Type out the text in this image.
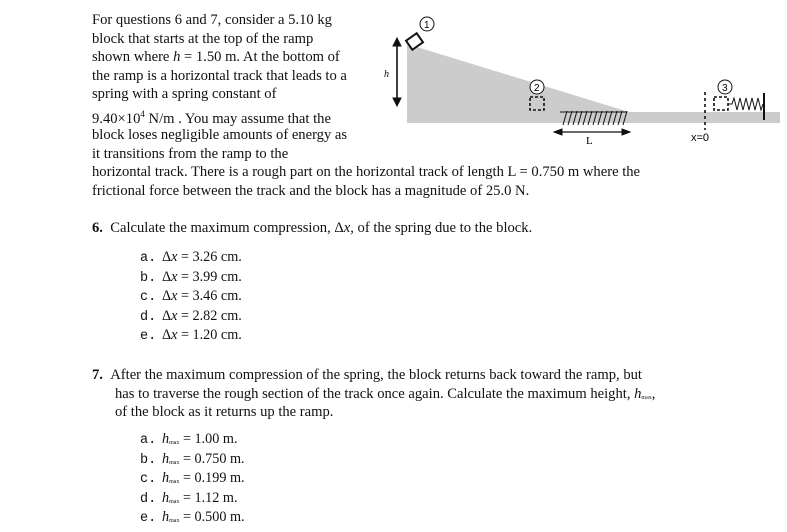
For questions 6 and 7, consider a 5.10 kg
block that starts at the top of the ramp
shown where h = 1.50 m. At the bottom of
the ramp is a horizontal track that leads to a
spring with a spring constant of
$9.40\times 10^4$ N/m . You may assume that the
block loses negligible amounts of energy as
it transitions from the ramp to the
horizontal track. There is a rough part on the horizontal track of length L = 0.750 m where the
frictional force between the track and the block has a magnitude of 25.0 N.
L
h
1
2
x=0
3
6. Calculate the maximum compression, Δx, of the spring due to the block.
a. Δx = 3.26 cm.
b. Δx = 3.99 cm.
c. Δx = 3.46 cm.
d. Δx = 2.82 cm.
e. Δx = 1.20 cm.
7. After the maximum compression of the spring, the block returns back toward the ramp, but
has to traverse the rough section of the track once again. Calculate the maximum height, $h_{max}$,
of the block as it returns up the ramp.
a. $h_{max} = 1.00$ m.
b. $h_{max} = 0.750$ m.
c. $h_{max} = 0.199$ m.
d. $h_{max} = 1.12$ m.
e. $h_{max} = 0.500$ m.
